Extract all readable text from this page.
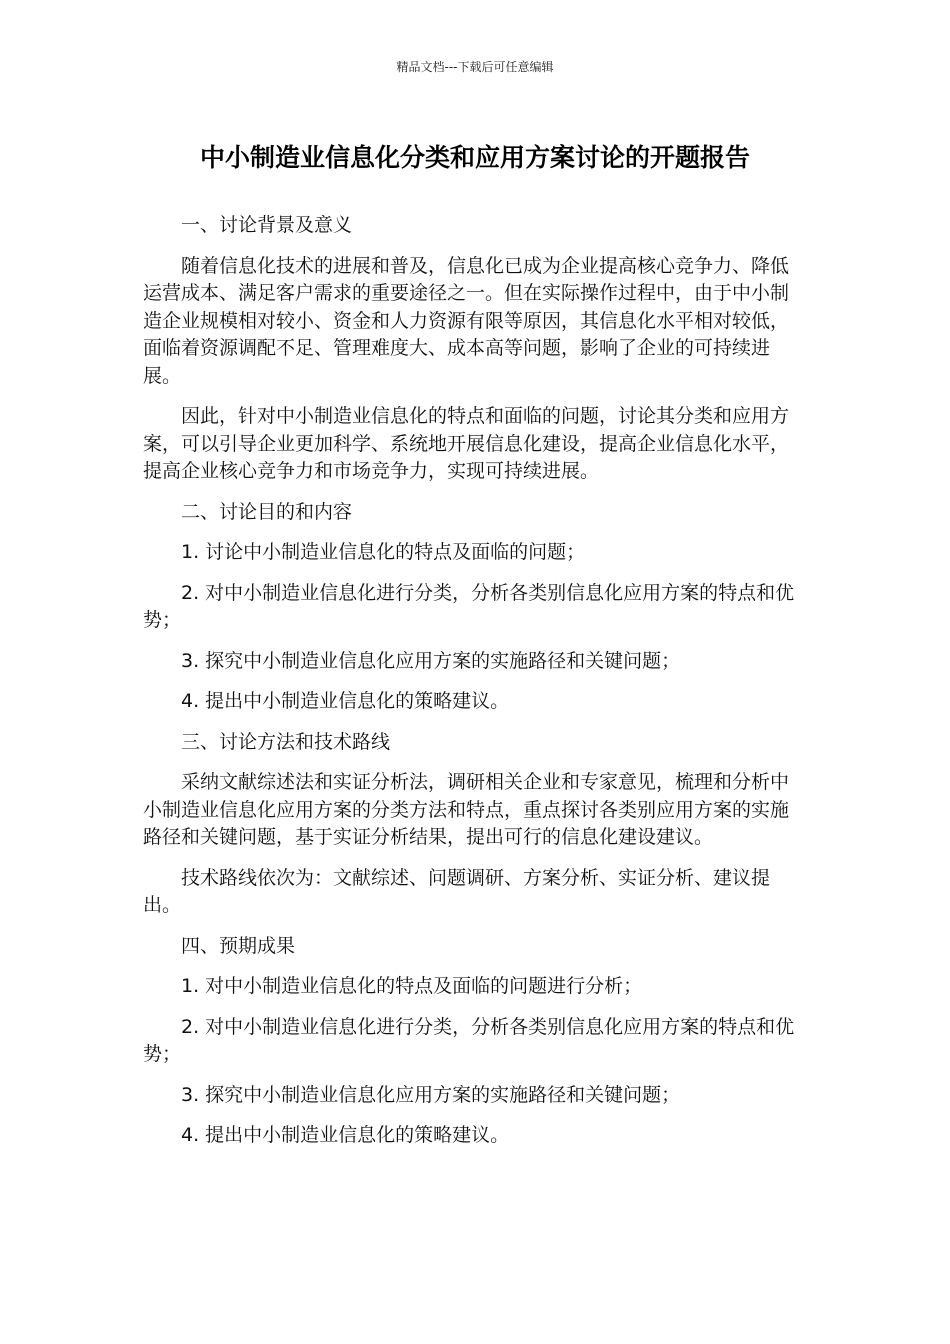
精品文档---下载后可任意编辑
中小制造业信息化分类和应用方案讨论的开题报告

一、讨论背景及意义

随着信息化技术的进展和普及，信息化已成为企业提高核心竞争力、降低运营成本、满足客户需求的重要途径之一。但在实际操作过程中，由于中小制造企业规模相对较小、资金和人力资源有限等原因，其信息化水平相对较低，面临着资源调配不足、管理难度大、成本高等问题，影响了企业的可持续进展。

因此，针对中小制造业信息化的特点和面临的问题，讨论其分类和应用方案，可以引导企业更加科学、系统地开展信息化建设，提高企业信息化水平，提高企业核心竞争力和市场竞争力，实现可持续进展。

二、讨论目的和内容

1. 讨论中小制造业信息化的特点及面临的问题；

2. 对中小制造业信息化进行分类，分析各类别信息化应用方案的特点和优势；

3. 探究中小制造业信息化应用方案的实施路径和关键问题；

4. 提出中小制造业信息化的策略建议。

三、讨论方法和技术路线

采纳文献综述法和实证分析法，调研相关企业和专家意见，梳理和分析中小制造业信息化应用方案的分类方法和特点，重点探讨各类别应用方案的实施路径和关键问题，基于实证分析结果，提出可行的信息化建设建议。

技术路线依次为：文献综述、问题调研、方案分析、实证分析、建议提出。

四、预期成果

1. 对中小制造业信息化的特点及面临的问题进行分析；

2. 对中小制造业信息化进行分类，分析各类别信息化应用方案的特点和优势；

3. 探究中小制造业信息化应用方案的实施路径和关键问题；

4. 提出中小制造业信息化的策略建议。
